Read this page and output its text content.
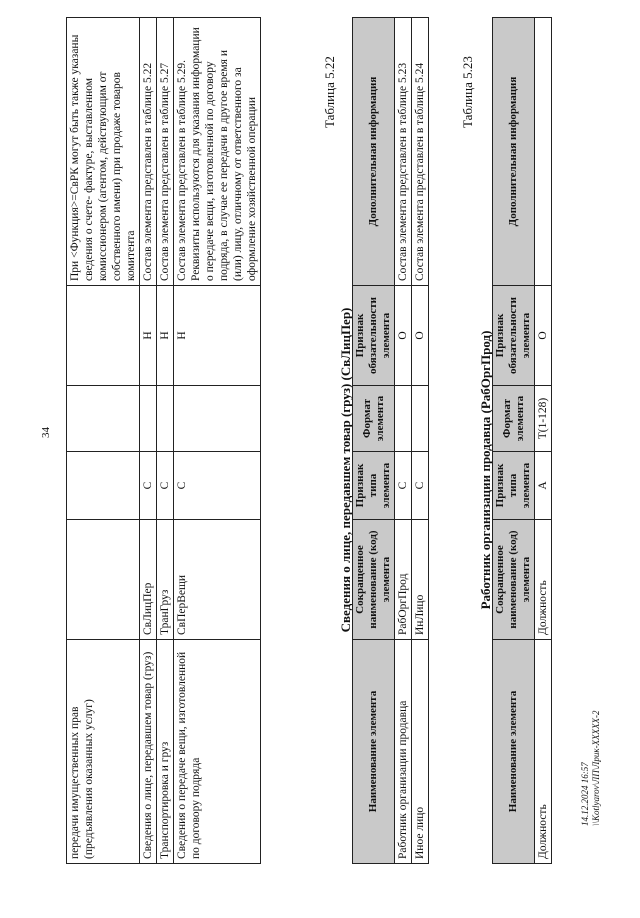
34
передачи имущественных прав (предъявления оказанных услуг)					При <Функция>=СвРК могут быть также указаны сведения о счете- фактуре, выставленном комиссионером (агентом, действующим от собственного имени) при продаже товаров комитента
Сведения о лице, передавшем товар (груз)	СвЛицПер	С		Н	Состав элемента представлен в таблице 5.22
Транспортировка и груз	ТранГруз	С		Н	Состав элемента представлен в таблице 5.27
Сведения о передаче вещи, изготовленной по договору подряда	СвПерВещи	С		Н	Состав элемента представлен в таблице 5.29. Реквизиты используются для указания информации о передаче вещи, изготовленной по договору подряда, в случае ее передачи в другое время и (или) лицу, отличному от ответственного за оформление хозяйственной операции
Таблица 5.22
Сведения о лице, передавшем товар (груз) (СвЛицПер)
Наименование элемента	Сокращенное наименование (код) элемента	Признак типа элемента	Формат элемента	Признак обязательности элемента	Дополнительная информация
Работник организации продавца	РабОргПрод	С		О	Состав элемента представлен в таблице 5.23
Иное лицо	ИнЛицо	С		О	Состав элемента представлен в таблице 5.24	Таблица 5.23
Работник организации продавца (РабОргПрод)
Наименование элемента	Сокращенное наименование (код) элемента	Признак типа элемента	Формат элемента	Признак обязательности элемента	Дополнительная информация
Должность	Должность	А	T(1-128)	О	
14.12.2024 16:57 \\Kotlyarov\ЛП\Лрик-XXXXX-2
